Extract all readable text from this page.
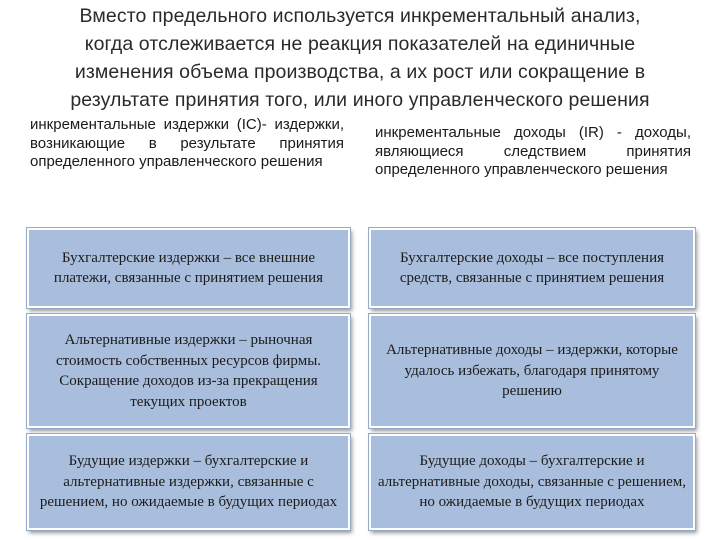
Вместо предельного используется инкрементальный анализ,
когда отслеживается не реакция показателей на единичные
изменения объема производства, а их рост или сокращение в
результате принятия того, или иного управленческого решения
инкрементальные издержки (IC)- издержки, возникающие в результате принятия определенного управленческого решения
инкрементальные доходы (IR) - доходы, являющиеся следствием принятия определенного управленческого решения
Бухгалтерские издержки – все внешние платежи, связанные с принятием решения
Бухгалтерские доходы – все поступления средств, связанные с принятием решения
Альтернативные издержки – рыночная стоимость собственных ресурсов фирмы. Сокращение доходов из-за прекращения текущих проектов
Альтернативные доходы – издержки, которые удалось избежать, благодаря принятому решению
Будущие издержки – бухгалтерские и альтернативные издержки, связанные с решением, но ожидаемые в будущих периодах
Будущие доходы – бухгалтерские и альтернативные доходы, связанные с решением, но ожидаемые в будущих периодах
